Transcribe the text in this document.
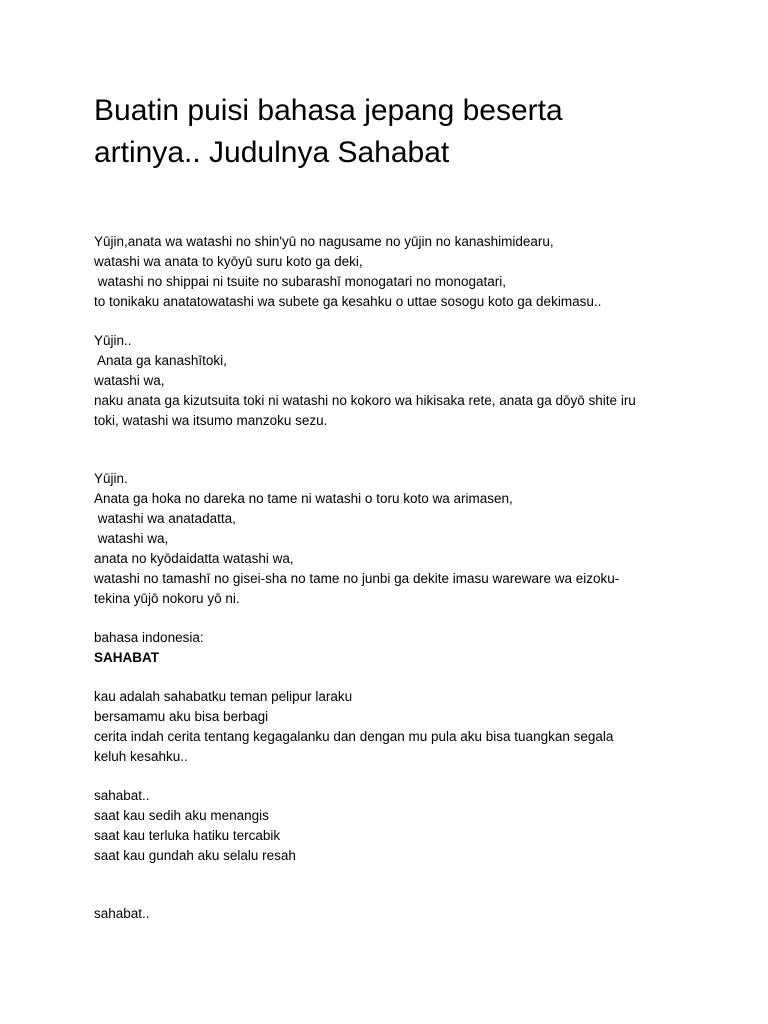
Buatin puisi bahasa jepang beserta
artinya.. Judulnya Sahabat

Yūjin,anata wa watashi no shin'yū no nagusame no yūjin no kanashimidearu,

watashi wa anata to kyōyū suru koto ga deki,

watashi no shippai ni tsuite no subarashī monogatari no monogatari,

to tonikaku anatatowatashi wa subete ga kesahku o uttae sosogu koto ga dekimasu..

Yūjin..

Anata ga kanashītoki,

watashi wa,

naku anata ga kizutsuita toki ni watashi no kokoro wa hikisaka rete, anata ga dōyō shite iru

toki, watashi wa itsumo manzoku sezu.

Yūjin.

Anata ga hoka no dareka no tame ni watashi o toru koto wa arimasen,

watashi wa anatadatta,

watashi wa,

anata no kyōdaidatta watashi wa,

watashi no tamashī no gisei-sha no tame no junbi ga dekite imasu wareware wa eizoku-

tekina yūjō nokoru yō ni.

bahasa indonesia:

SAHABAT

kau adalah sahabatku teman pelipur laraku

bersamamu aku bisa berbagi

cerita indah cerita tentang kegagalanku dan dengan mu pula aku bisa tuangkan segala

keluh kesahku..

sahabat..

saat kau sedih aku menangis

saat kau terluka hatiku tercabik

saat kau gundah aku selalu resah

sahabat..
